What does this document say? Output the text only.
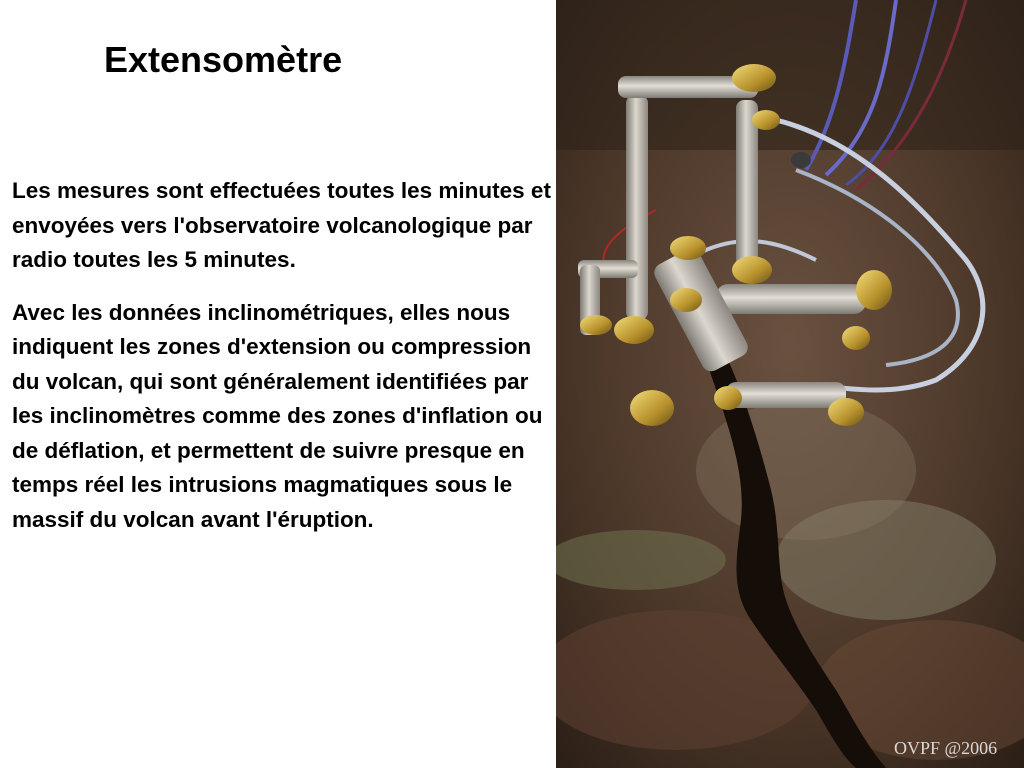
Extensomètre

Les mesures sont effectuées toutes les minutes et envoyées vers l'observatoire volcanologique par radio toutes les 5 minutes.

Avec les données inclinométriques, elles nous indiquent les zones d'extension ou compression du volcan, qui sont généralement identifiées par les inclinomètres comme des zones d'inflation ou de déflation, et permettent de suivre presque en temps réel les intrusions magmatiques sous le massif du volcan avant l'éruption.

OVPF @2006
